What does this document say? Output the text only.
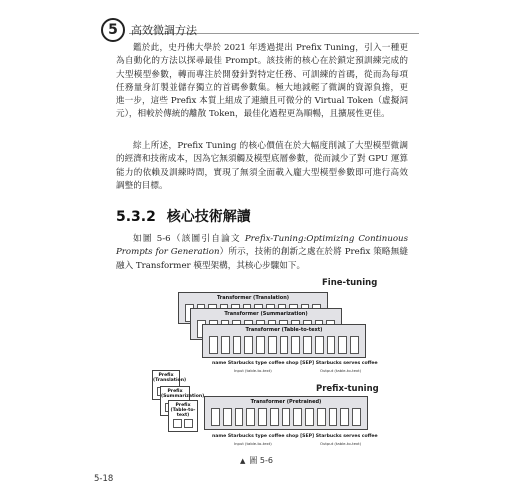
5	高效微調方法

鑑於此，史丹佛大學於 2021 年透過提出 Prefix Tuning，引入一種更為自動化的方法以探尋最佳 Prompt。該技術的核心在於鎖定預訓練完成的大型模型參數，轉而專注於開發針對特定任務、可訓練的首碼，從而為每項任務量身訂製並儲存獨立的首碼參數集。極大地減輕了微調的資源負擔，更進一步，這些 Prefix 本質上組成了連續且可微分的 Virtual Token（虛擬詞元），相較於傳統的離散 Token，最佳化過程更為順暢，且擴展性更佳。

綜上所述，Prefix Tuning 的核心價值在於大幅度削減了大型模型微調的經濟和技術成本，因為它無須觸及模型底層參數，從而減少了對 GPU 運算能力的依賴及訓練時間，實現了無須全面載入龐大型模型參數即可進行高效調整的目標。

5.3.2 核心技術解讀

如圖 5-6（該圖引自論文 Prefix-Tuning:Optimizing Continuous Prompts for Generation）所示，技術的創新之處在於將 Prefix 策略無縫融入 Transformer 模型架構，其核心步驟如下。

Fine-tuning
Transformer (Translation)
Transformer (Summarization)
Transformer (Table-to-text)
name Starbucks type coffee shop [SEP] Starbucks serves coffee
Input (table-to-text)	Output (table-to-text)
Prefix-tuning
Prefix
(Translation)
Prefix
(Summarization)
Prefix
(Table-to-text)
Transformer (Pretrained)
name Starbucks type coffee shop [SEP] Starbucks serves coffee
Input (table-to-text)	Output (table-to-text)
▲ 圖 5-6
5-18
